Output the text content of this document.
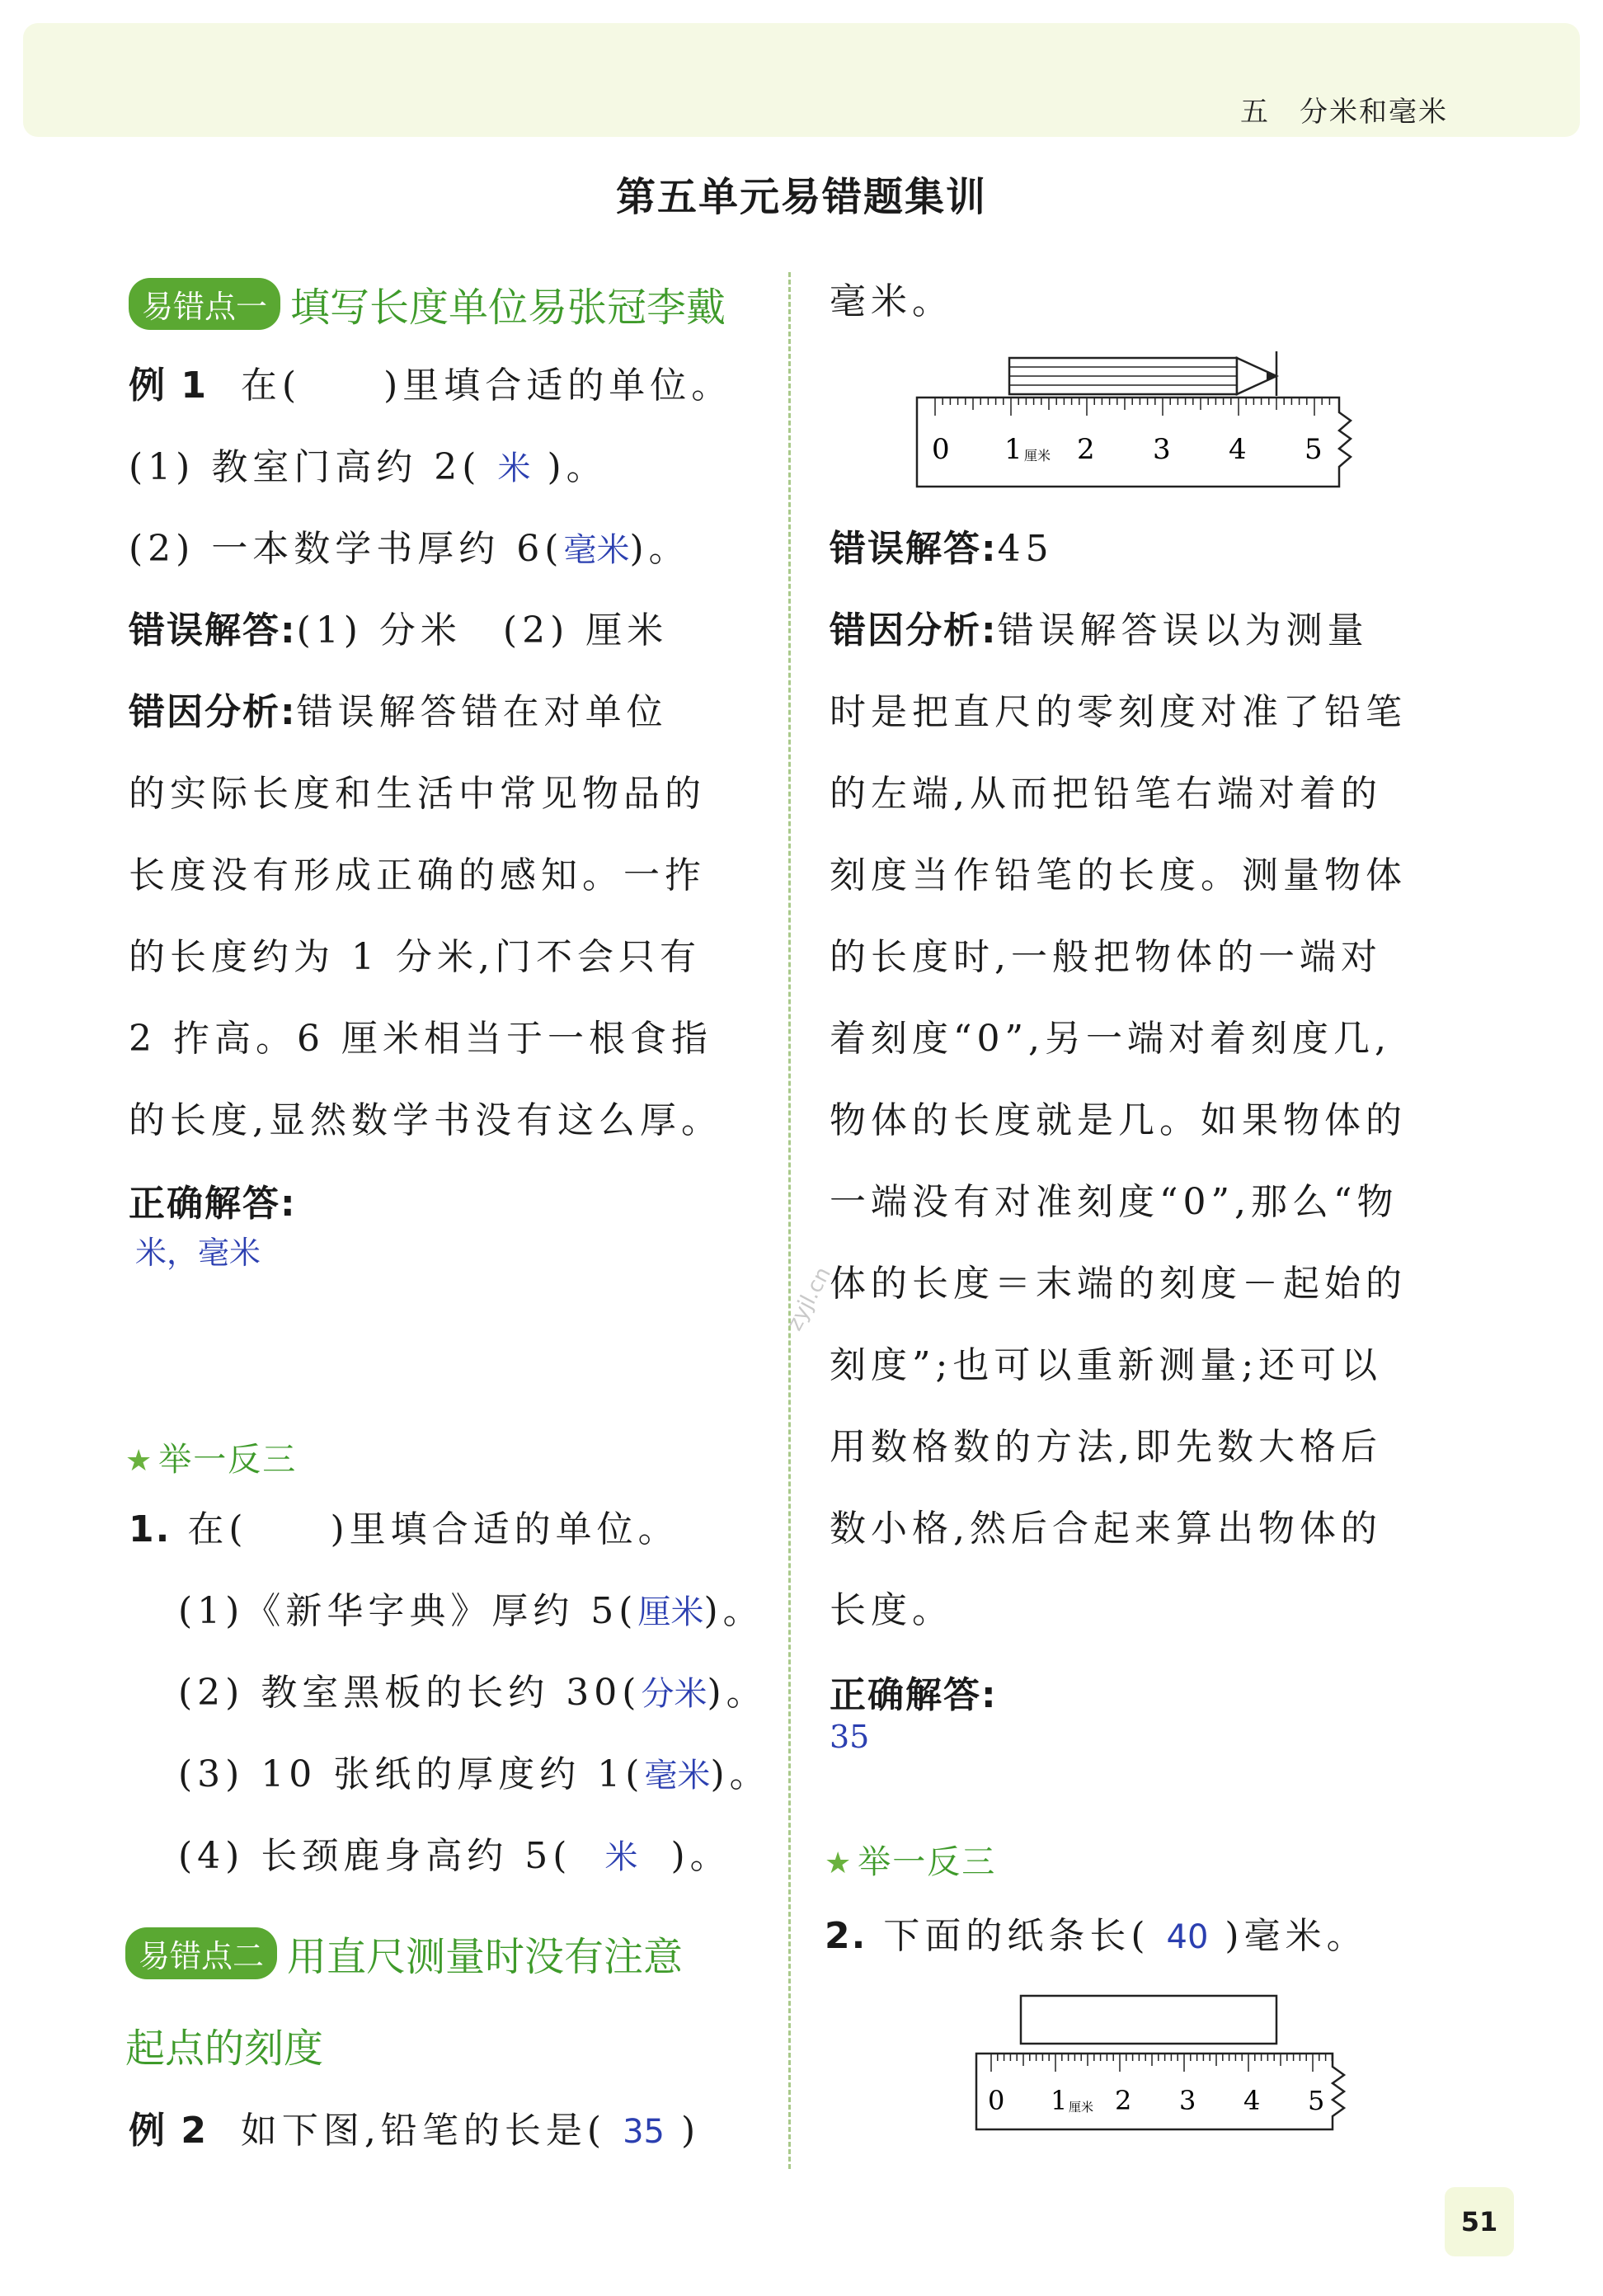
五　分米和毫米
第五单元易错题集训
易错点一 填写长度单位易张冠李戴
例 1 在(　　)里填合适的单位。
(1) 教室门高约 2( 米 )。
(2) 一本数学书厚约 6(毫米)。
错误解答:(1) 分米　(2) 厘米
错因分析:错误解答错在对单位
的实际长度和生活中常见物品的
长度没有形成正确的感知。一拃
的长度约为 1 分米,门不会只有
2 拃高。6 厘米相当于一根食指
的长度,显然数学书没有这么厚。
正确解答:
米，毫米
★ 举一反三
1. 在(　　)里填合适的单位。
(1)《新华字典》厚约 5(厘米)。
(2) 教室黑板的长约 30(分米)。
(3) 10 张纸的厚度约 1(毫米)。
(4) 长颈鹿身高约 5( 米 )。
易错点二 用直尺测量时没有注意
起点的刻度
例 2 如下图,铅笔的长是( 35 )
毫米。
0 1 厘米 2 3 4 5
错误解答:45
错因分析:错误解答误以为测量
时是把直尺的零刻度对准了铅笔
的左端,从而把铅笔右端对着的
刻度当作铅笔的长度。测量物体
的长度时,一般把物体的一端对
着刻度“0”,另一端对着刻度几,
物体的长度就是几。如果物体的
一端没有对准刻度“0”,那么“物
体的长度＝末端的刻度－起始的
刻度”;也可以重新测量;还可以
用数格数的方法,即先数大格后
数小格,然后合起来算出物体的
长度。
正确解答:
35
★ 举一反三
2. 下面的纸条长( 40 )毫米。
0 1 厘米 2 3 4 5
zyjl.cn
51
